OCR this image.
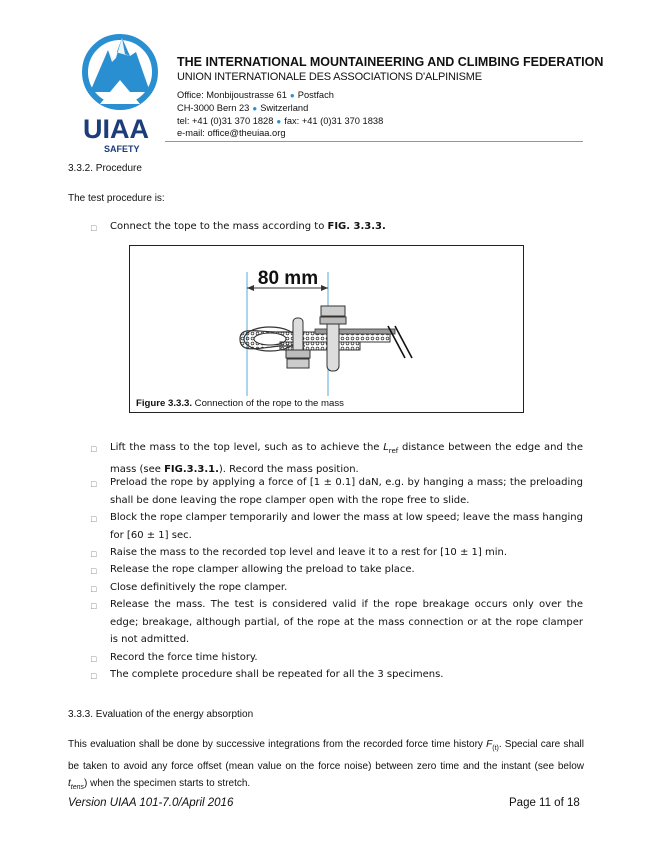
UIAA
SAFETY
THE INTERNATIONAL MOUNTAINEERING AND CLIMBING FEDERATION
UNION INTERNATIONALE DES ASSOCIATIONS D'ALPINISME
Office: Monbijoustrasse 61 ● Postfach
CH-3000 Bern 23 ● Switzerland
tel: +41 (0)31 370 1828 ● fax: +41 (0)31 370 1838
e-mail: office@theuiaa.org
3.3.2. Procedure
The test procedure is:
□ Connect the tope to the mass according to FIG. 3.3.3.
80 mm
Figure 3.3.3. Connection of the rope to the mass
□ Lift the mass to the top level, such as to achieve the $L_{ref}$ distance between the edge and the mass (see FIG.3.3.1.). Record the mass position.
□ Preload the rope by applying a force of [1 ± 0.1] daN, e.g. by hanging a mass; the preloading shall be done leaving the rope clamper open with the rope free to slide.
□ Block the rope clamper temporarily and lower the mass at low speed; leave the mass hanging for [60 ± 1] sec.
□ Raise the mass to the recorded top level and leave it to a rest for [10 ± 1] min.
□ Release the rope clamper allowing the preload to take place.
□ Close definitively the rope clamper.
□ Release the mass. The test is considered valid if the rope breakage occurs only over the edge; breakage, although partial, of the rope at the mass connection or at the rope clamper is not admitted.
□ Record the force time history.
□ The complete procedure shall be repeated for all the 3 specimens.
3.3.3. Evaluation of the energy absorption
This evaluation shall be done by successive integrations from the recorded force time history $F_{(t)}$. Special care shall be taken to avoid any force offset (mean value on the force noise) between zero time and the instant (see below $t_{tens}$) when the specimen starts to stretch.
Version UIAA 101-7.0/April 2016	Page 11 of 18
